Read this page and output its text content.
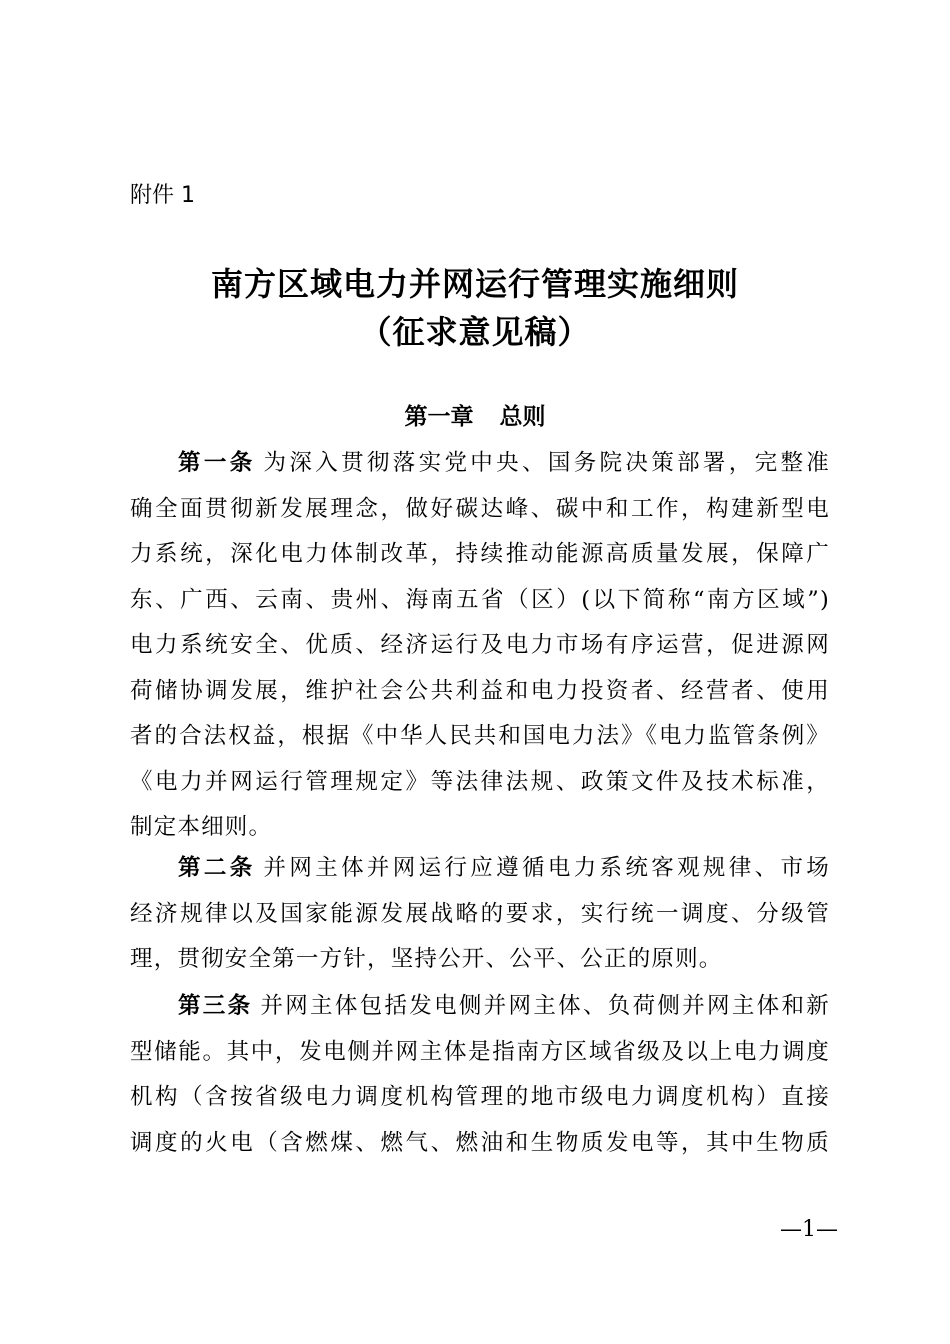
附件 1
南方区域电力并网运行管理实施细则
（征求意见稿）
第一章 总则
第一条 为深入贯彻落实党中央、国务院决策部署，完整准
确全面贯彻新发展理念，做好碳达峰、碳中和工作，构建新型电
力系统，深化电力体制改革，持续推动能源高质量发展，保障广
东、广西、云南、贵州、海南五省（区）(以下简称“南方区域”)
电力系统安全、优质、经济运行及电力市场有序运营，促进源网
荷储协调发展，维护社会公共利益和电力投资者、经营者、使用
者的合法权益，根据《中华人民共和国电力法》《电力监管条例》
《电力并网运行管理规定》等法律法规、政策文件及技术标准，
制定本细则。
第二条 并网主体并网运行应遵循电力系统客观规律、市场
经济规律以及国家能源发展战略的要求，实行统一调度、分级管
理，贯彻安全第一方针，坚持公开、公平、公正的原则。
第三条 并网主体包括发电侧并网主体、负荷侧并网主体和新
型储能。其中，发电侧并网主体是指南方区域省级及以上电力调度
机构（含按省级电力调度机构管理的地市级电力调度机构）直接
调度的火电（含燃煤、燃气、燃油和生物质发电等，其中生物质
—1—
